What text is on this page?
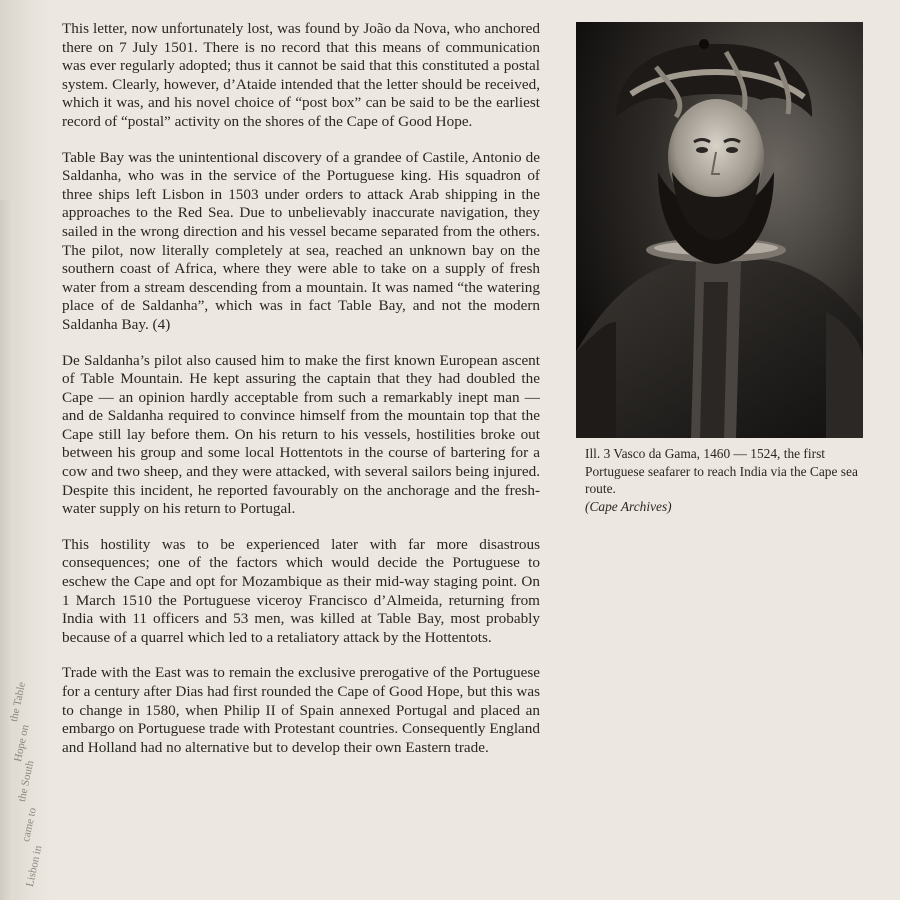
the Table
Hope on
the South
came to
Lisbon in

This letter, now unfortunately lost, was found by João da Nova, who anchored there on 7 July 1501. There is no record that this means of communication was ever regularly adopted; thus it cannot be said that this constituted a postal system. Clearly, however, d’Ataide intended that the letter should be received, which it was, and his novel choice of “post box” can be said to be the earliest record of “postal” activity on the shores of the Cape of Good Hope.

Table Bay was the unintentional discovery of a grandee of Castile, Antonio de Saldanha, who was in the service of the Portuguese king. His squadron of three ships left Lisbon in 1503 under orders to attack Arab shipping in the approaches to the Red Sea. Due to unbelievably inaccurate navigation, they sailed in the wrong direction and his vessel became separated from the others. The pilot, now literally completely at sea, reached an unknown bay on the southern coast of Africa, where they were able to take on a supply of fresh water from a stream descending from a mountain. It was named “the watering place of de Saldanha”, which was in fact Table Bay, and not the modern Saldanha Bay. (4)

De Saldanha’s pilot also caused him to make the first known European ascent of Table Mountain. He kept assuring the captain that they had doubled the Cape — an opinion hardly acceptable from such a remarkably inept man — and de Saldanha required to convince himself from the mountain top that the Cape still lay before them. On his return to his vessels, hostilities broke out between his group and some local Hottentots in the course of bartering for a cow and two sheep, and they were attacked, with several sailors being injured. Despite this incident, he reported favourably on the anchorage and the fresh-water supply on his return to Portugal.

This hostility was to be experienced later with far more disastrous consequences; one of the factors which would decide the Portuguese to eschew the Cape and opt for Mozambique as their mid-way staging point. On 1 March 1510 the Portuguese viceroy Francisco d’Almeida, returning from India with 11 officers and 53 men, was killed at Table Bay, most probably because of a quarrel which led to a retaliatory attack by the Hottentots.

Trade with the East was to remain the exclusive prerogative of the Portuguese for a century after Dias had first rounded the Cape of Good Hope, but this was to change in 1580, when Philip II of Spain annexed Portugal and placed an embargo on Portuguese trade with Protestant countries. Consequently England and Holland had no alternative but to develop their own Eastern trade.

Ill. 3 Vasco da Gama, 1460 — 1524, the first Portuguese seafarer to reach India via the Cape sea route.
(Cape Archives)
